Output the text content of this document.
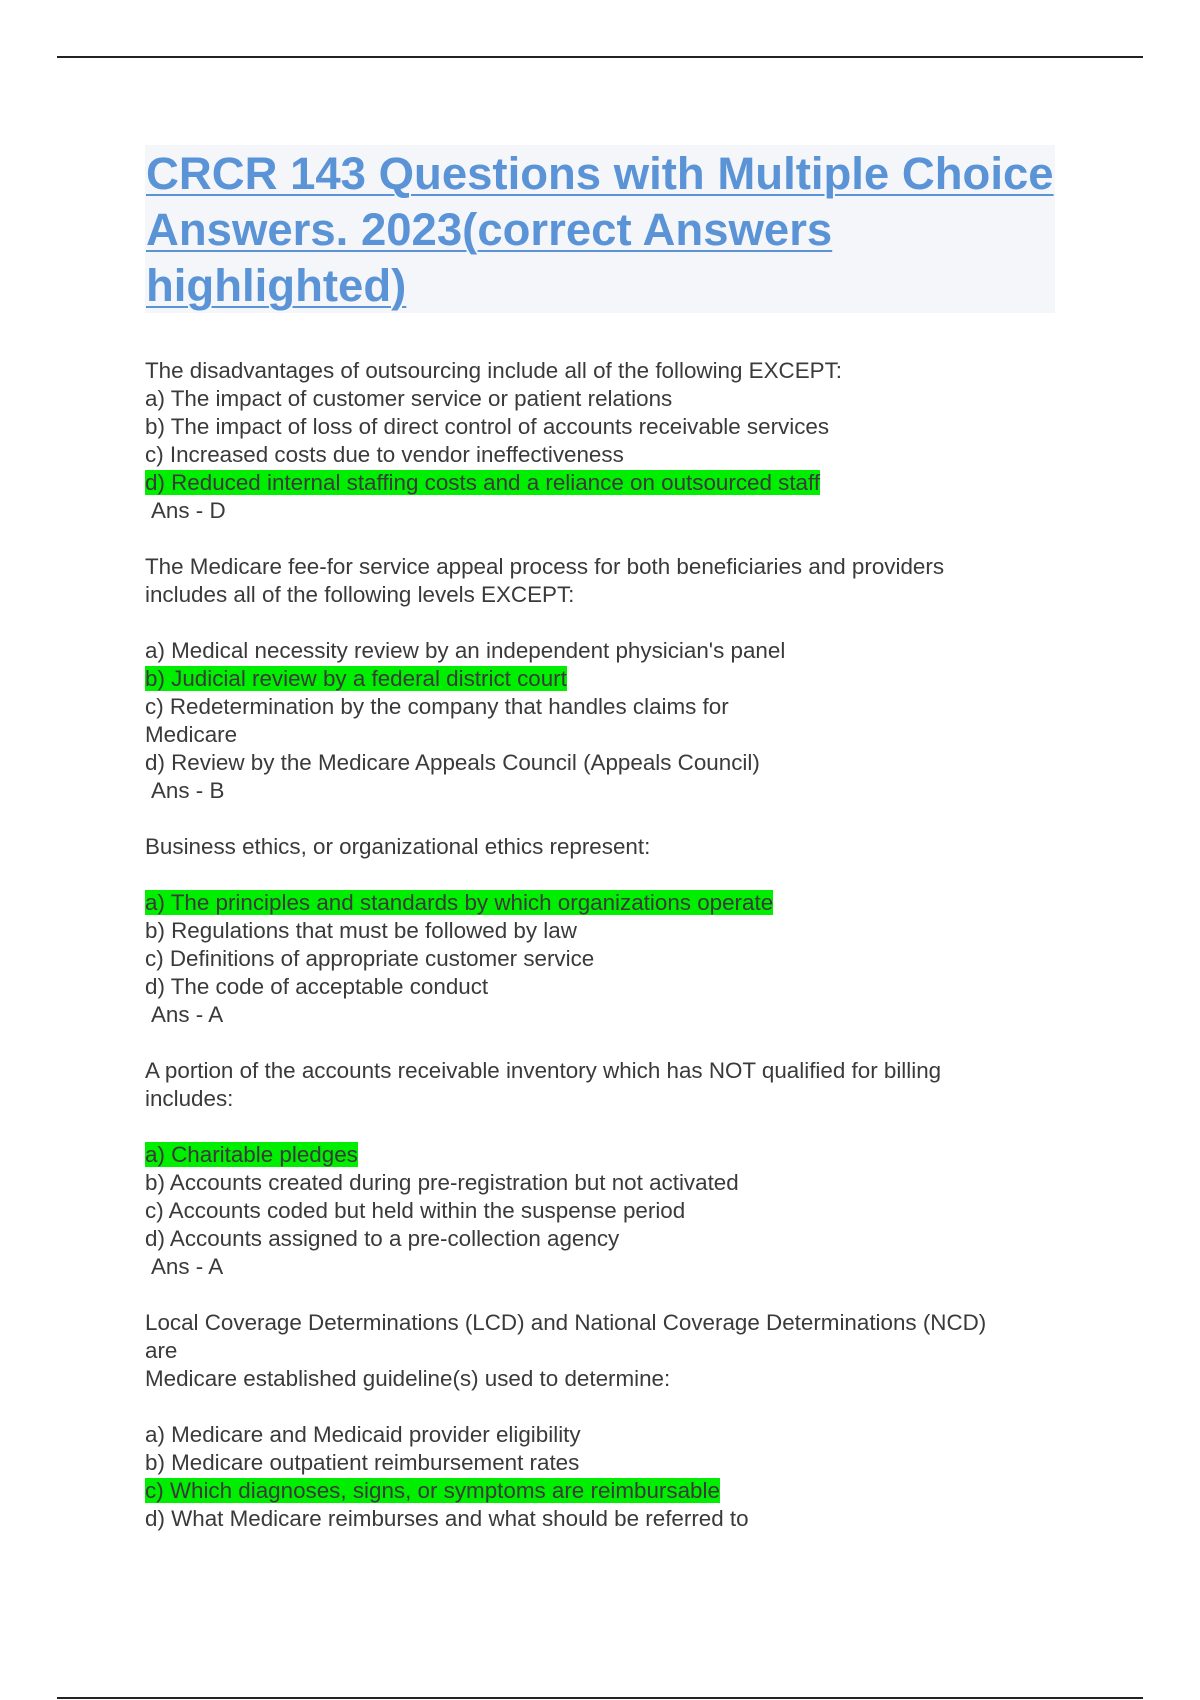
CRCR 143 Questions with Multiple Choice Answers. 2023(correct Answers highlighted)
The disadvantages of outsourcing include all of the following EXCEPT:
a) The impact of customer service or patient relations
b) The impact of loss of direct control of accounts receivable services
c) Increased costs due to vendor ineffectiveness
d) Reduced internal staffing costs and a reliance on outsourced staff
Ans - D
The Medicare fee-for service appeal process for both beneficiaries and providers
includes all of the following levels EXCEPT:
a) Medical necessity review by an independent physician's panel
b) Judicial review by a federal district court
c) Redetermination by the company that handles claims for
Medicare
d) Review by the Medicare Appeals Council (Appeals Council)
Ans - B
Business ethics, or organizational ethics represent:
a) The principles and standards by which organizations operate
b) Regulations that must be followed by law
c) Definitions of appropriate customer service
d) The code of acceptable conduct
Ans - A
A portion of the accounts receivable inventory which has NOT qualified for billing
includes:
a) Charitable pledges
b) Accounts created during pre-registration but not activated
c) Accounts coded but held within the suspense period
d) Accounts assigned to a pre-collection agency
Ans - A
Local Coverage Determinations (LCD) and National Coverage Determinations (NCD)
are
Medicare established guideline(s) used to determine:
a) Medicare and Medicaid provider eligibility
b) Medicare outpatient reimbursement rates
c) Which diagnoses, signs, or symptoms are reimbursable
d) What Medicare reimburses and what should be referred to
